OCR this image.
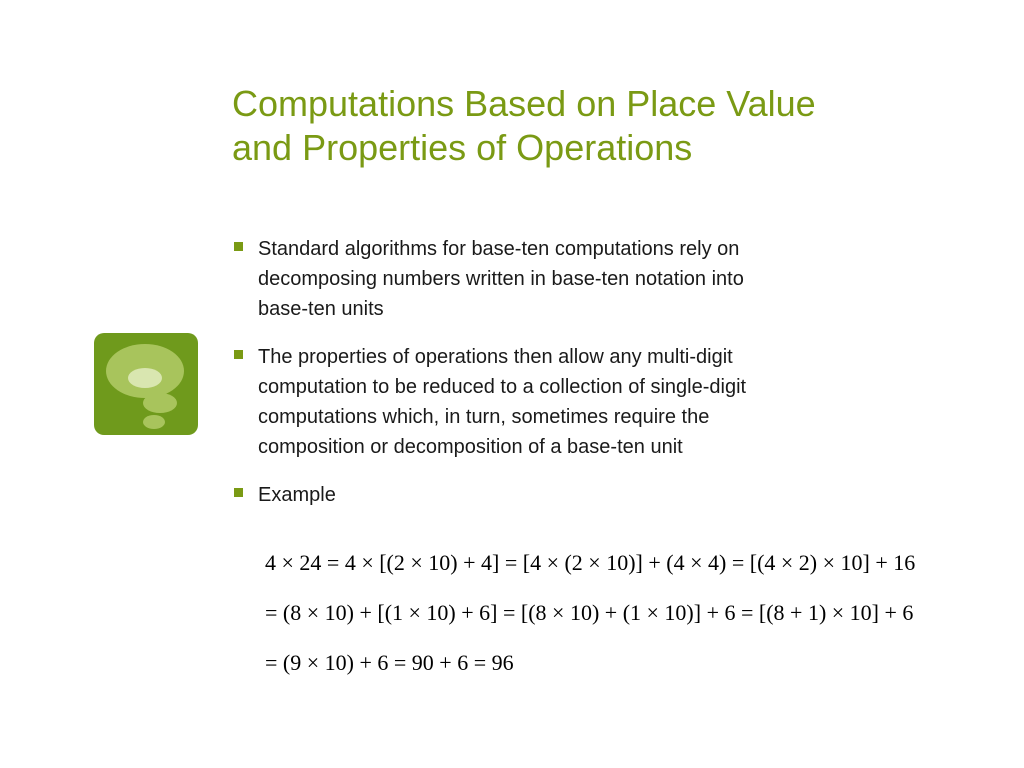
Computations Based on Place Value
and Properties of Operations
Standard algorithms for base-ten computations rely on
decomposing numbers written in base-ten notation into
base-ten units
The properties of operations then allow any multi-digit
computation to be reduced to a collection of single-digit
computations which, in turn, sometimes require the
composition or decomposition of a base-ten unit
Example
4 × 24 = 4 × [(2 × 10) + 4] = [4 × (2 × 10)] + (4 × 4) = [(4 × 2) × 10] + 16
= (8 × 10) + [(1 × 10) + 6] = [(8 × 10) + (1 × 10)] + 6 = [(8 + 1) × 10] + 6
= (9 × 10) + 6 = 90 + 6 = 96
